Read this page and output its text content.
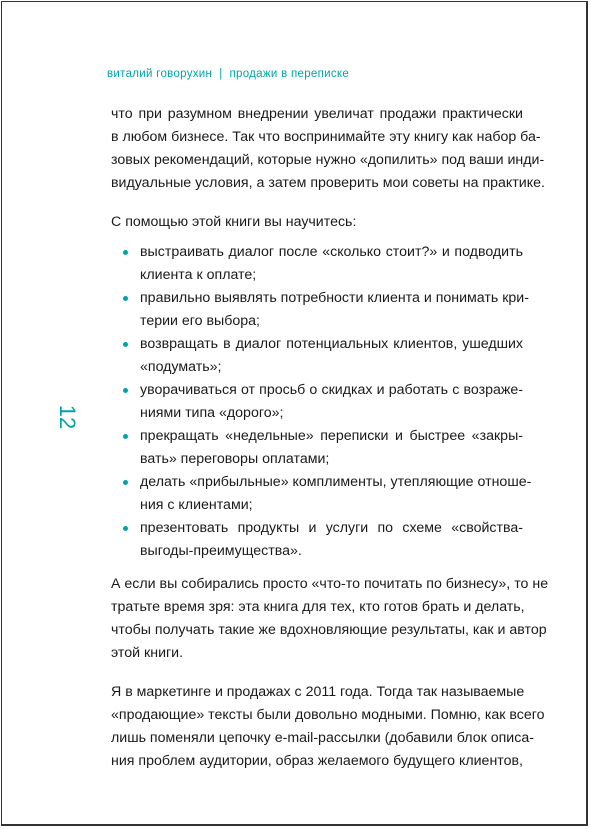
виталий говорухин | продажи в переписке
12

что при разумном внедрении увеличат продажи практически
в любом бизнесе. Так что воспринимайте эту книгу как набор ба-
зовых рекомендаций, которые нужно «допилить» под ваши инди-
видуальные условия, а затем проверить мои советы на практике.

С помощью этой книги вы научитесь:

выстраивать диалог после «сколько стоит?» и подводить
клиента к оплате;
правильно выявлять потребности клиента и понимать кри-
терии его выбора;
возвращать в диалог потенциальных клиентов, ушедших
«подумать»;
уворачиваться от просьб о скидках и работать с возраже-
ниями типа «дорого»;
прекращать «недельные» переписки и быстрее «закры-
вать» переговоры оплатами;
делать «прибыльные» комплименты, утепляющие отноше-
ния с клиентами;
презентовать продукты и услуги по схеме «свойства-
выгоды-преимущества».

А если вы собирались просто «что-то почитать по бизнесу», то не
тратьте время зря: эта книга для тех, кто готов брать и делать,
чтобы получать такие же вдохновляющие результаты, как и автор
этой книги.

Я в маркетинге и продажах с 2011 года. Тогда так называемые
«продающие» тексты были довольно модными. Помню, как всего
лишь поменяли цепочку e-mail-рассылки (добавили блок описа-
ния проблем аудитории, образ желаемого будущего клиентов,
